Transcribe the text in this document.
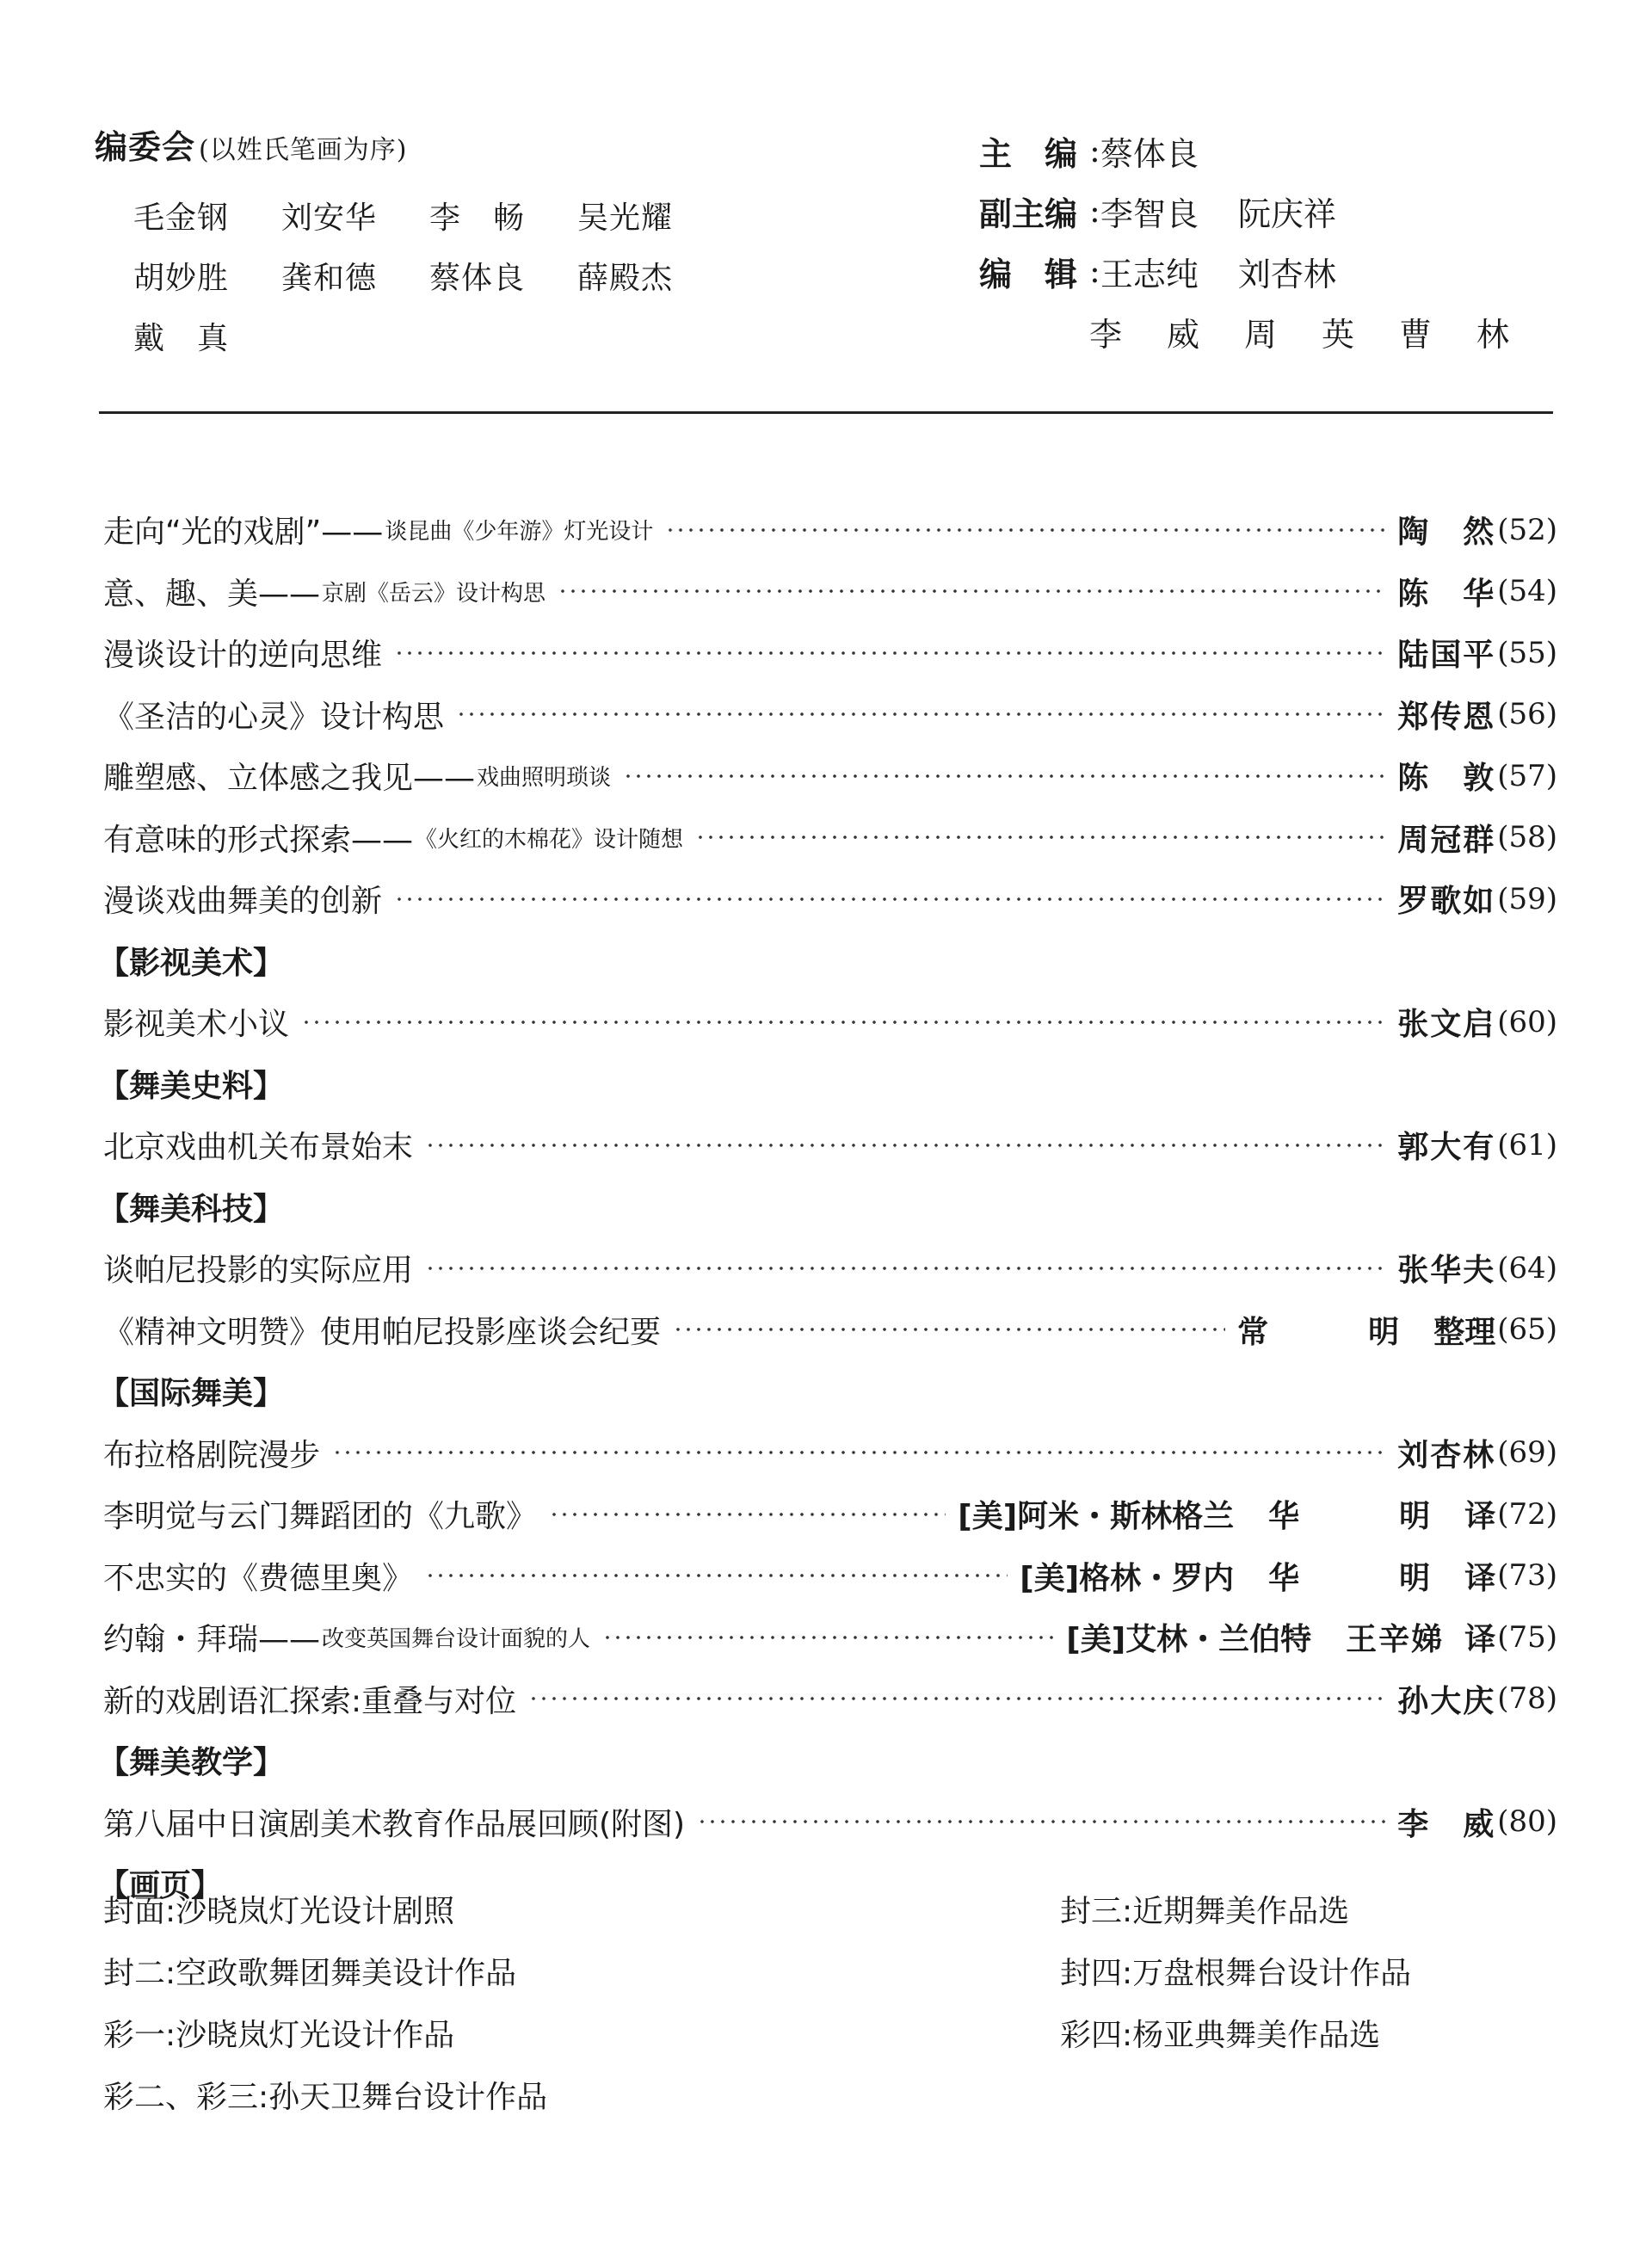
编委会 (以姓氏笔画为序)
毛金钢	刘安华	李　畅	吴光耀
胡妙胜	龚和德	蔡体良	薛殿杰
戴　真
主　编 : 蔡体良
副主编 : 李智良 阮庆祥
编　辑 : 王志纯 刘杏林
李	威	周	英	曹	林
走向“光的戏剧”—— 谈昆曲《少年游》灯光设计	陶　然 (52)
意、趣、美—— 京剧《岳云》设计构思	陈　华 (54)
漫谈设计的逆向思维	陆国平 (55)
《圣洁的心灵》设计构思	郑传恩 (56)
雕塑感、立体感之我见—— 戏曲照明琐谈	陈　敦 (57)
有意味的形式探索—— 《火红的木棉花》设计随想	周冠群 (58)
漫谈戏曲舞美的创新	罗歌如 (59)
【影视美术】
影视美术小议	张文启 (60)
【舞美史料】
北京戏曲机关布景始末	郭大有 (61)
【舞美科技】
谈帕尼投影的实际应用	张华夫 (64)
《精神文明赞》使用帕尼投影座谈会纪要	常　明 整理 (65)
【国际舞美】
布拉格剧院漫步	刘杏林 (69)
李明觉与云门舞蹈团的《九歌》	[美]阿米・斯林格兰 华　明 译 (72)
不忠实的《费德里奥》	[美]格林・罗内 华　明 译 (73)
约翰・拜瑞—— 改变英国舞台设计面貌的人	[美]艾林・兰伯特 王辛娣 译 (75)
新的戏剧语汇探索:重叠与对位	孙大庆 (78)
【舞美教学】
第八届中日演剧美术教育作品展回顾(附图)	李　威 (80)
【画页】
封面:沙晓岚灯光设计剧照
封二:空政歌舞团舞美设计作品
彩一:沙晓岚灯光设计作品
彩二、彩三:孙天卫舞台设计作品
封三:近期舞美作品选
封四:万盘根舞台设计作品
彩四:杨亚典舞美作品选
